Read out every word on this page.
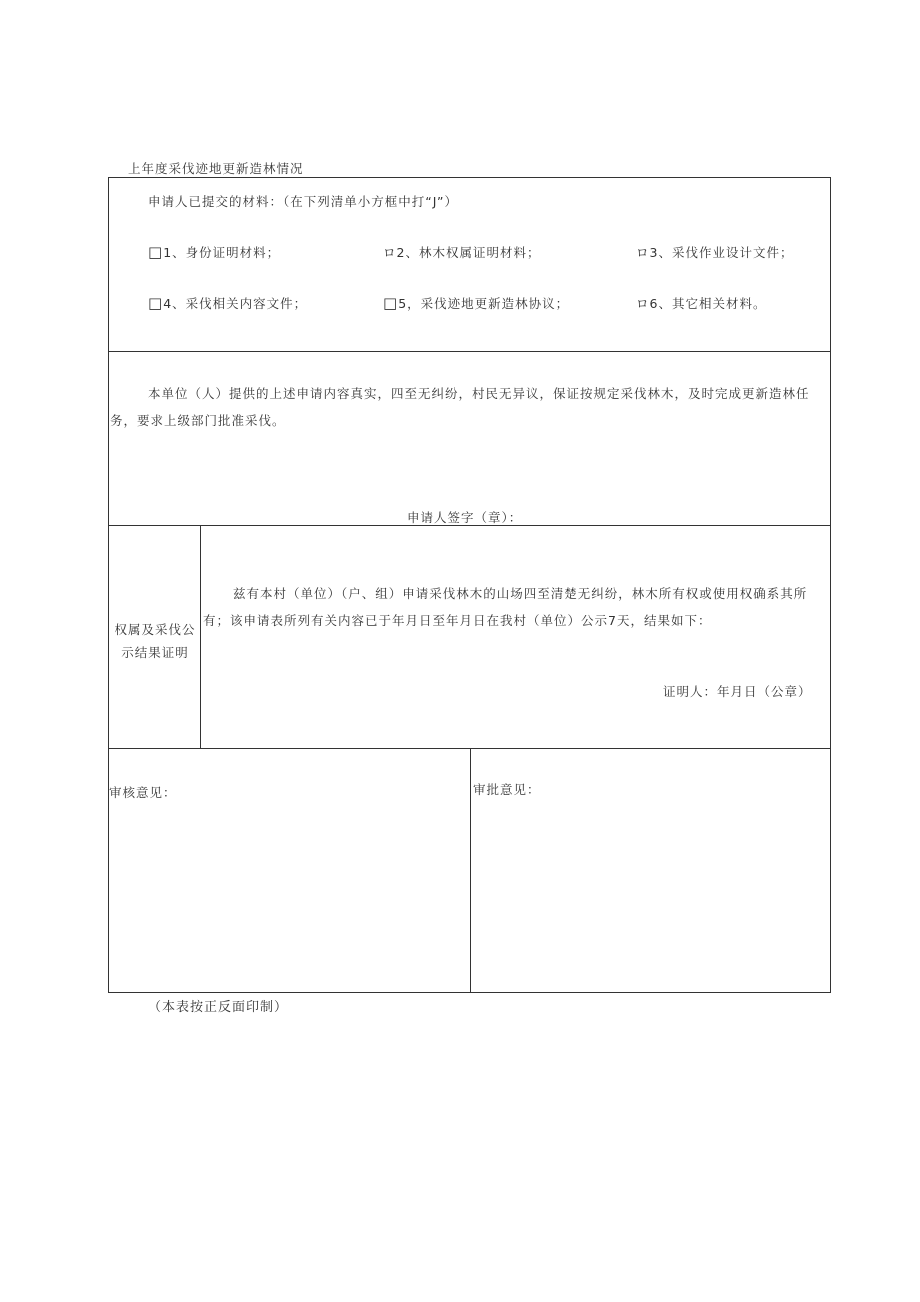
上年度采伐迹地更新造林情况
申请人已提交的材料：（在下列清单小方框中打“J”）
□1、身份证明材料；	ロ2、林木权属证明材料；	ロ3、采伐作业设计文件；
□4、采伐相关内容文件；	□5，采伐迹地更新造林协议；	ロ6、其它相关材料。
本单位（人）提供的上述申请内容真实，四至无纠纷，村民无异议，保证按规定采伐林木，及时完成更新造林任
务，要求上级部门批准采伐。
申请人签字（章）：
权属及采伐公
示结果证明
兹有本村（单位）（户、组）申请采伐林木的山场四至清楚无纠纷，林木所有权或使用权确系其所
有；该申请表所列有关内容已于年月日至年月日在我村（单位）公示7天，结果如下：
证明人：年月日（公章）
审核意见：	审批意见：
（本表按正反面印制）
